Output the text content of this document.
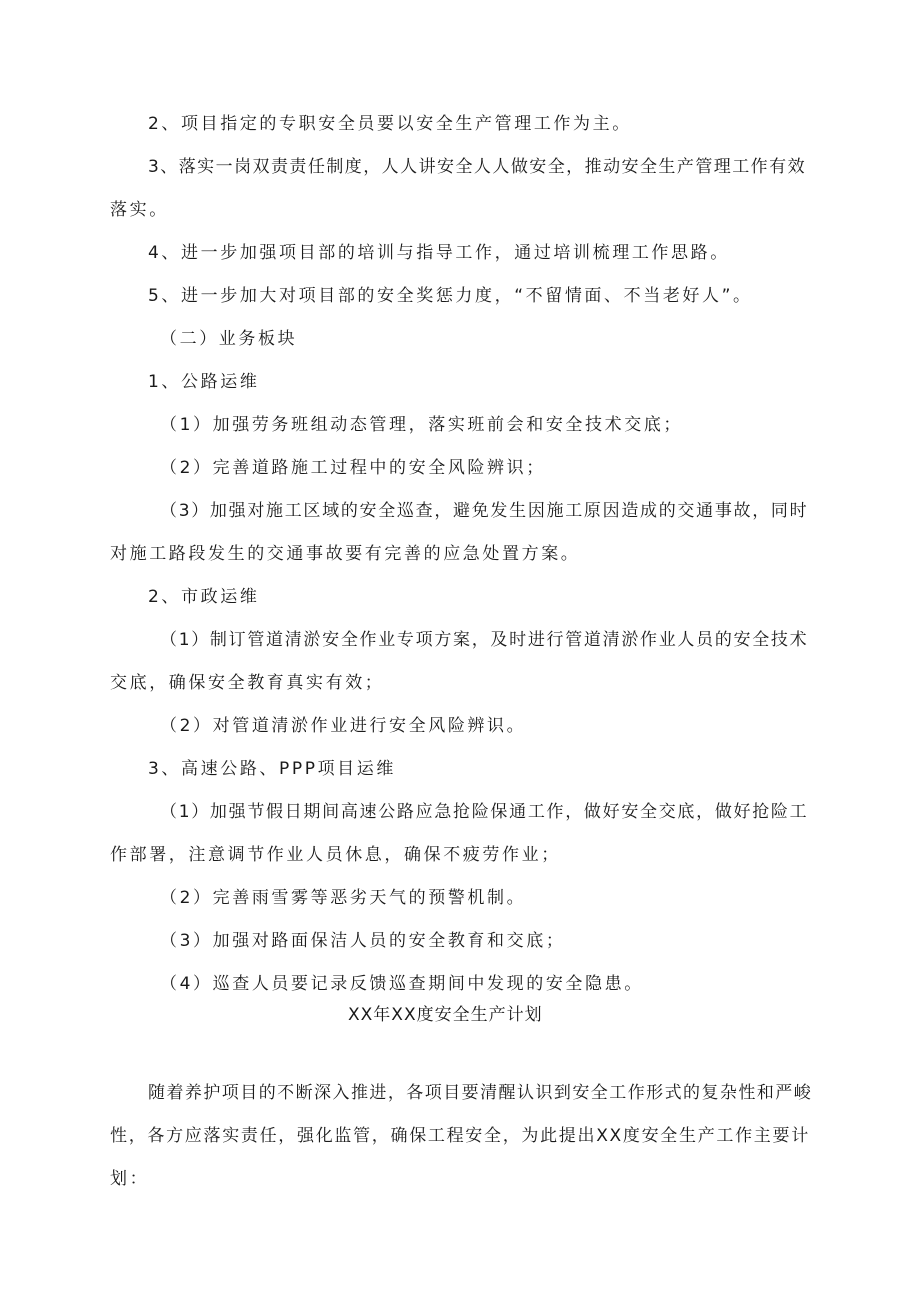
2、项目指定的专职安全员要以安全生产管理工作为主。
3、落实一岗双责责任制度，人人讲安全人人做安全，推动安全生产管理工作有效
落实。
4、进一步加强项目部的培训与指导工作，通过培训梳理工作思路。
5、进一步加大对项目部的安全奖惩力度，“不留情面、不当老好人”。
（二）业务板块
1、公路运维
（1）加强劳务班组动态管理，落实班前会和安全技术交底；
（2）完善道路施工过程中的安全风险辨识；
（3）加强对施工区域的安全巡查，避免发生因施工原因造成的交通事故，同时
对施工路段发生的交通事故要有完善的应急处置方案。
2、市政运维
（1）制订管道清淤安全作业专项方案，及时进行管道清淤作业人员的安全技术
交底，确保安全教育真实有效；
（2）对管道清淤作业进行安全风险辨识。
3、高速公路、PPP项目运维
（1）加强节假日期间高速公路应急抢险保通工作，做好安全交底，做好抢险工
作部署，注意调节作业人员休息，确保不疲劳作业；
（2）完善雨雪雾等恶劣天气的预警机制。
（3）加强对路面保洁人员的安全教育和交底；
（4）巡查人员要记录反馈巡查期间中发现的安全隐患。
XX年XX度安全生产计划
随着养护项目的不断深入推进，各项目要清醒认识到安全工作形式的复杂性和严峻
性，各方应落实责任，强化监管，确保工程安全，为此提出XX度安全生产工作主要计
划：
